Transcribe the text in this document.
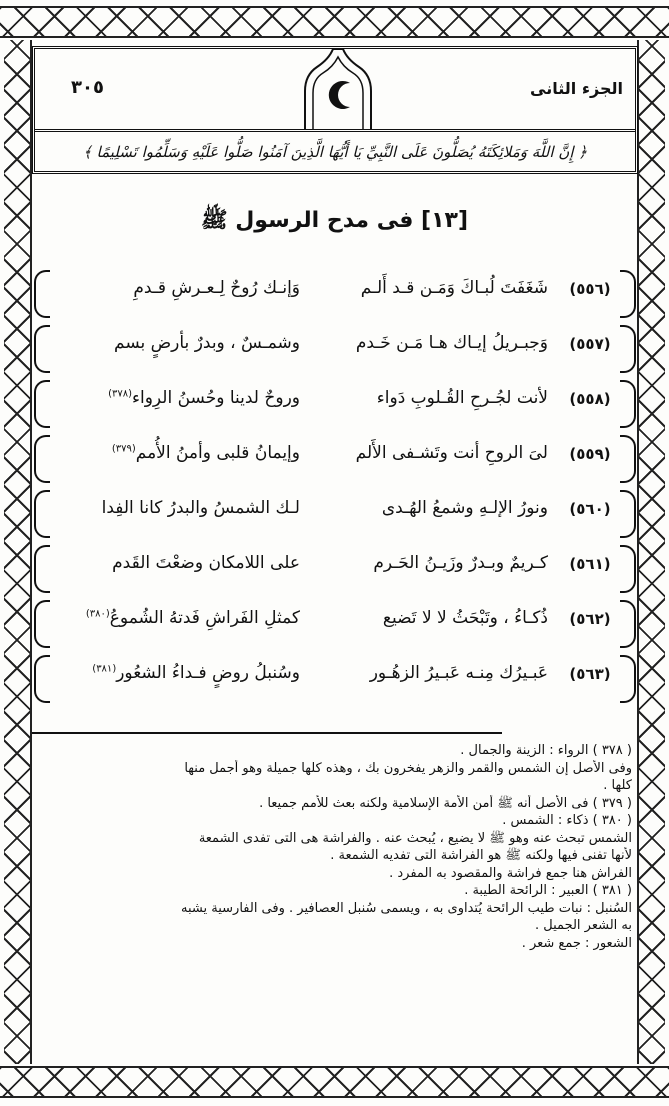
الجزء الثانى
٣٠٥
﴿ إِنَّ اللَّهَ وَمَلائِكَتَهُ يُصَلُّونَ عَلَى النَّبِيِّ يَا أَيُّهَا الَّذِينَ آمَنُوا صَلُّوا عَلَيْهِ وَسَلِّمُوا تَسْلِيمًا ﴾
[١٣] فى مدح الرسول ﷺ
(٥٥٦)
شَغَفَتَ لُبـاكَ وَمَـن قـد أَلـم
وَإنـك رُوحٌ لِـعـرشِ قـدمِ
(٥٥٧)
وَجبـريلُ إيـاك هـا مَـن خَـدم
وشمـسٌ ، وبدرٌ بأرضٍ بسم
(٥٥٨)
لأنت لجُـرحِ القُـلوبِ دَواء
وروحٌ لدينا وحُسنُ الرِواء$^{(٣٧٨)}$
(٥٥٩)
لىَ الروحِ أنت وتَشـفى الأَلم
وإيمانُ قلبى وأمنُ الأُمم$^{(٣٧٩)}$
(٥٦٠)
ونورُ الإلـهِ وشمعُ الهُـدى
لـك الشمسُ والبدرُ كانا الفِدا
(٥٦١)
كـريمٌ وبـدرٌ وزَيـنُ الحَـرم
على اللامكان وضعْتَ القَدم
(٥٦٢)
ذُكـاءُ ، وتَبْحَثُ لا لا تَضيع
كمثلِ الفَراشِ فَدتهُ الشُموعُ$^{(٣٨٠)}$
(٥٦٣)
عَبـيرُك مِنـه عَبـيرُ الزهُـور
وسُنبلُ روضٍ فـداءُ الشعُور$^{(٣٨١)}$
( ٣٧٨ ) الرواء : الزينة والجمال .
وفى الأصل إن الشمس والقمر والزهر يفخرون بك ، وهذه كلها جميلة وهو أجمل منها
كلها .
( ٣٧٩ ) فى الأصل أنه ﷺ أمن الأمة الإسلامية ولكنه بعث للأمم جميعا .
( ٣٨٠ ) ذكاء : الشمس .
الشمس تبحث عنه وهو ﷺ لا يضيع ، يُبحث عنه . والفراشة هى التى تفدى الشمعة
لأنها تفنى فيها ولكنه ﷺ هو الفراشة التى تفديه الشمعة .
الفراش هنا جمع فراشة والمقصود به المفرد .
( ٣٨١ ) العبير : الرائحة الطيبة .
السُنبل : نبات طيب الرائحة يُتداوى به ، ويسمى سُنبل العصافير . وفى الفارسية يشبه
به الشعر الجميل .
الشعور : جمع شعر .
